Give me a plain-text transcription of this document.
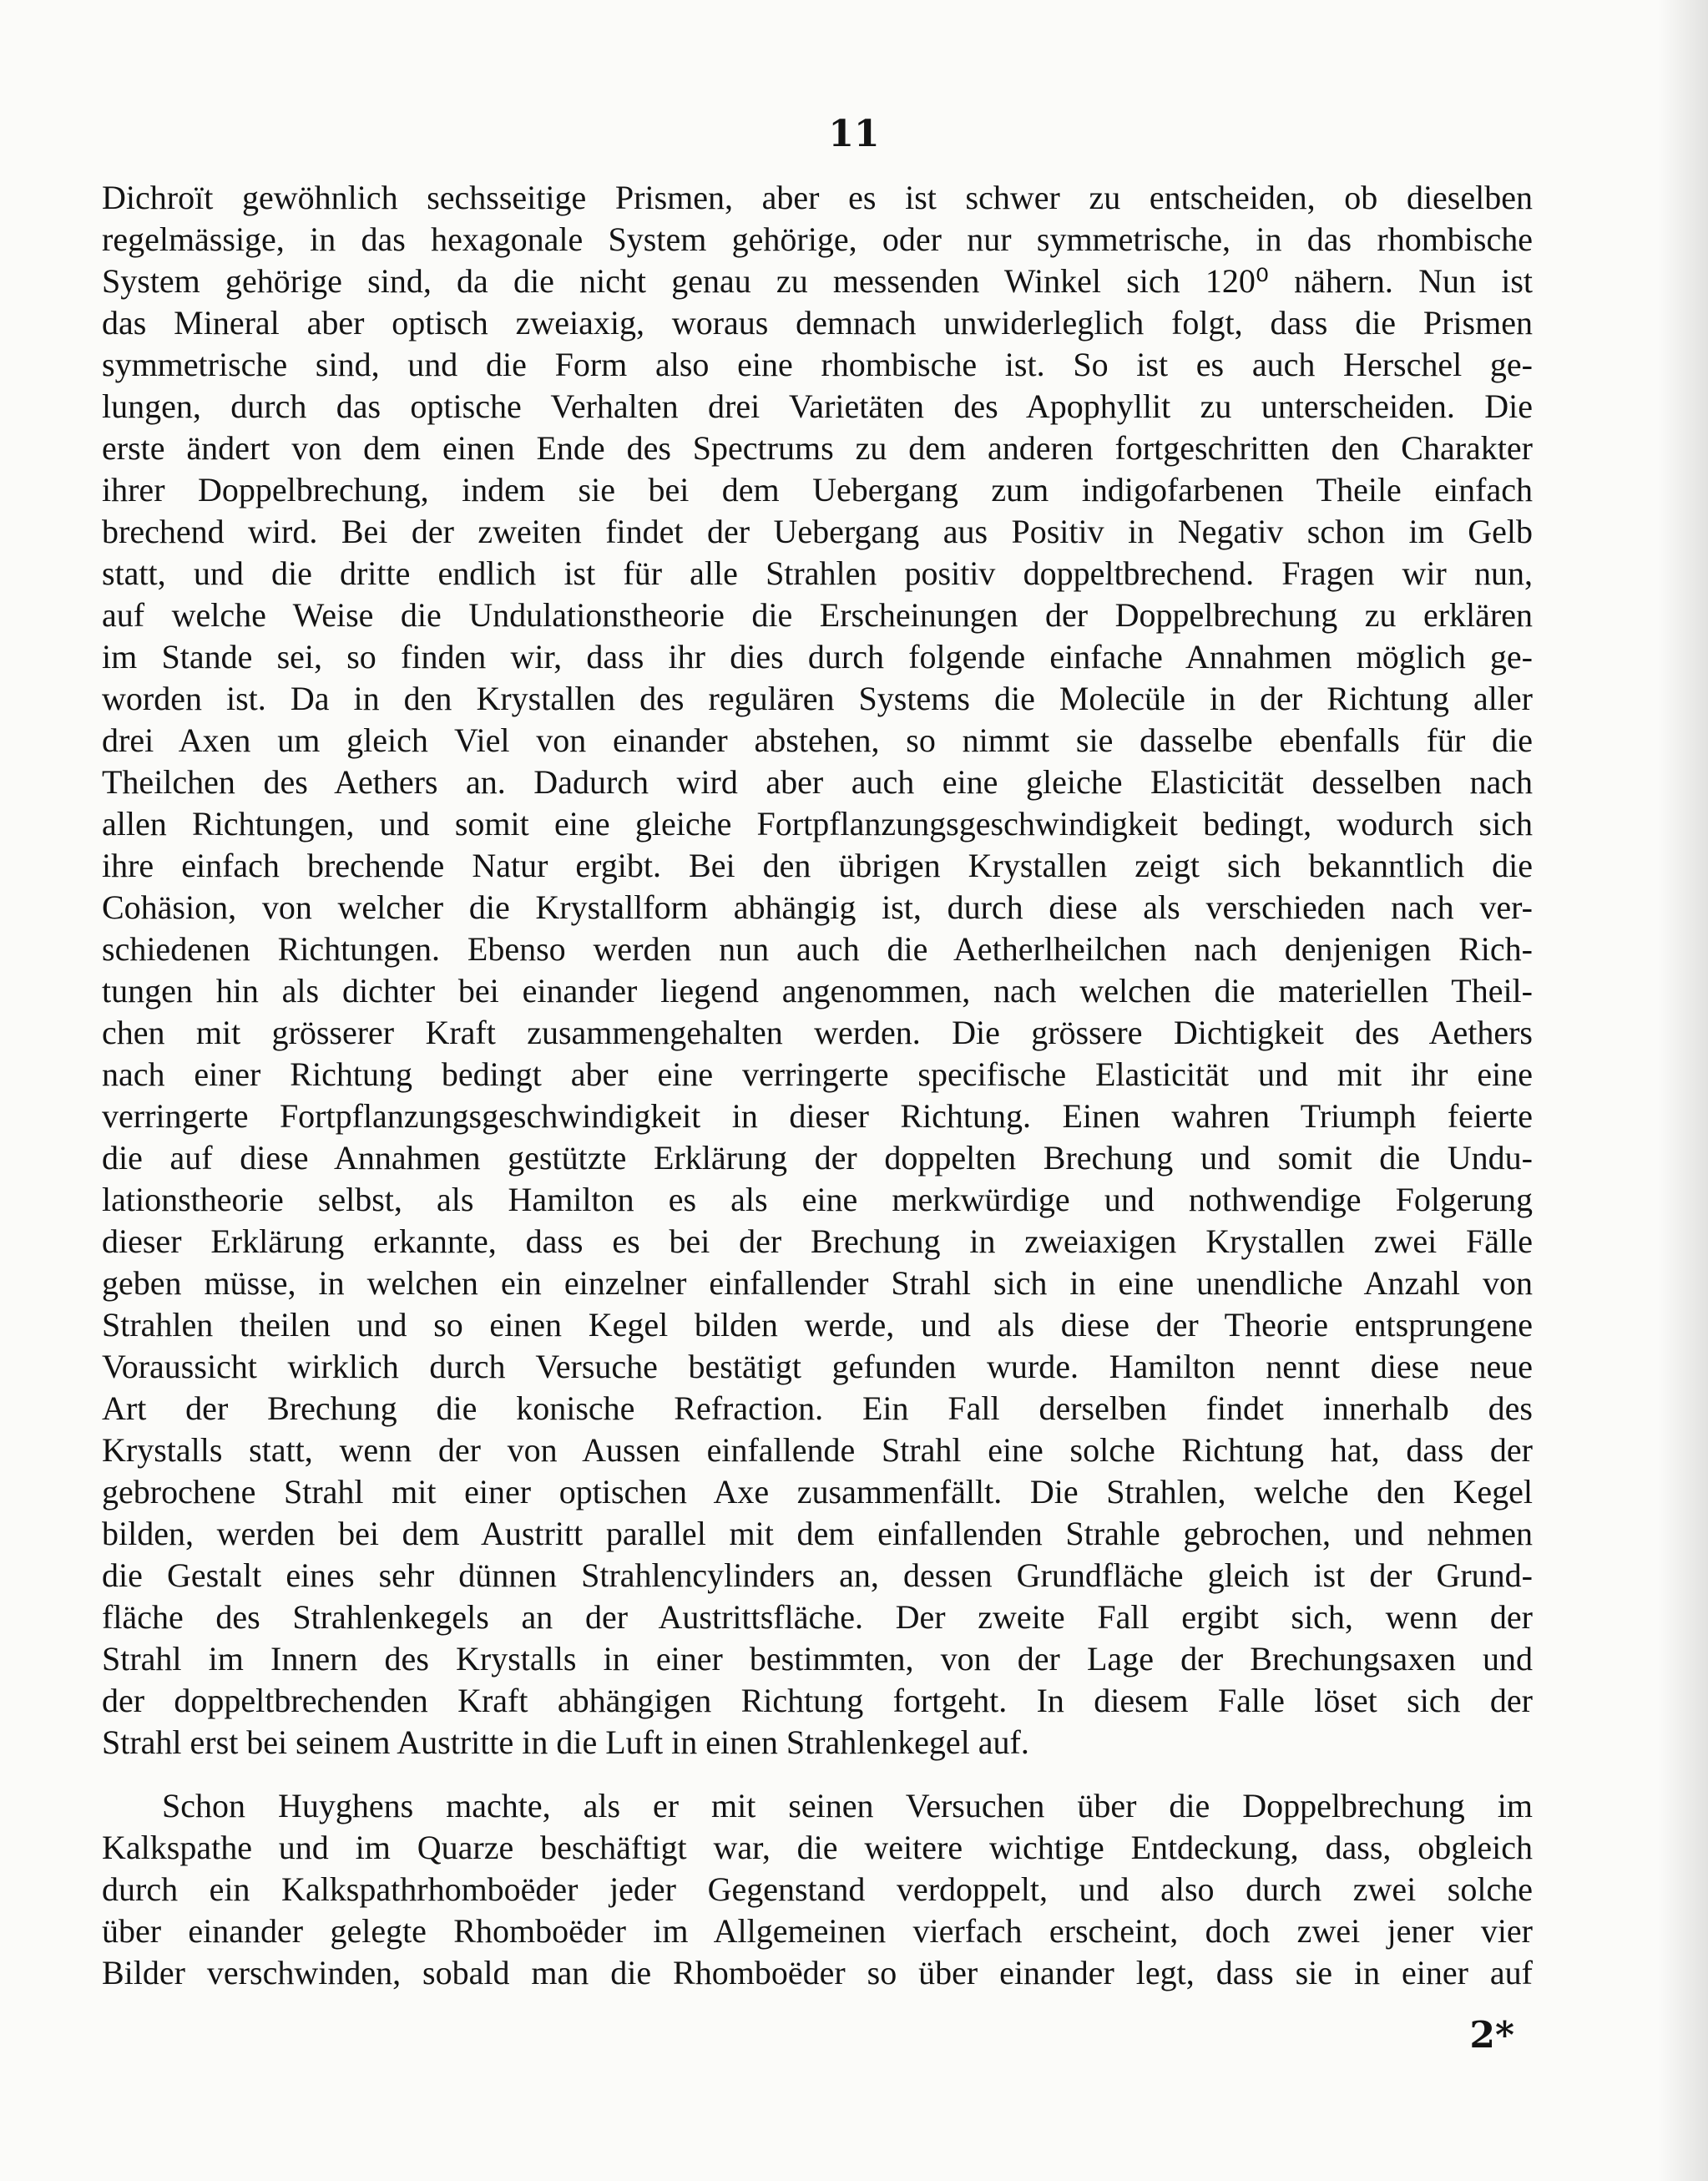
11
Dichroït gewöhnlich sechsseitige Prismen, aber es ist schwer zu entscheiden, ob dieselben
regelmässige, in das hexagonale System gehörige, oder nur symmetrische, in das rhombische
System gehörige sind, da die nicht genau zu messenden Winkel sich 120⁰ nähern. Nun ist
das Mineral aber optisch zweiaxig, woraus demnach unwiderleglich folgt, dass die Prismen
symmetrische sind, und die Form also eine rhombische ist. So ist es auch Herschel ge-
lungen, durch das optische Verhalten drei Varietäten des Apophyllit zu unterscheiden. Die
erste ändert von dem einen Ende des Spectrums zu dem anderen fortgeschritten den Charakter
ihrer Doppelbrechung, indem sie bei dem Uebergang zum indigofarbenen Theile einfach
brechend wird. Bei der zweiten findet der Uebergang aus Positiv in Negativ schon im Gelb
statt, und die dritte endlich ist für alle Strahlen positiv doppeltbrechend. Fragen wir nun,
auf welche Weise die Undulationstheorie die Erscheinungen der Doppelbrechung zu erklären
im Stande sei, so finden wir, dass ihr dies durch folgende einfache Annahmen möglich ge-
worden ist. Da in den Krystallen des regulären Systems die Molecüle in der Richtung aller
drei Axen um gleich Viel von einander abstehen, so nimmt sie dasselbe ebenfalls für die
Theilchen des Aethers an. Dadurch wird aber auch eine gleiche Elasticität desselben nach
allen Richtungen, und somit eine gleiche Fortpflanzungsgeschwindigkeit bedingt, wodurch sich
ihre einfach brechende Natur ergibt. Bei den übrigen Krystallen zeigt sich bekanntlich die
Cohäsion, von welcher die Krystallform abhängig ist, durch diese als verschieden nach ver-
schiedenen Richtungen. Ebenso werden nun auch die Aetherlheilchen nach denjenigen Rich-
tungen hin als dichter bei einander liegend angenommen, nach welchen die materiellen Theil-
chen mit grösserer Kraft zusammengehalten werden. Die grössere Dichtigkeit des Aethers
nach einer Richtung bedingt aber eine verringerte specifische Elasticität und mit ihr eine
verringerte Fortpflanzungsgeschwindigkeit in dieser Richtung. Einen wahren Triumph feierte
die auf diese Annahmen gestützte Erklärung der doppelten Brechung und somit die Undu-
lationstheorie selbst, als Hamilton es als eine merkwürdige und nothwendige Folgerung
dieser Erklärung erkannte, dass es bei der Brechung in zweiaxigen Krystallen zwei Fälle
geben müsse, in welchen ein einzelner einfallender Strahl sich in eine unendliche Anzahl von
Strahlen theilen und so einen Kegel bilden werde, und als diese der Theorie entsprungene
Voraussicht wirklich durch Versuche bestätigt gefunden wurde. Hamilton nennt diese neue
Art der Brechung die konische Refraction. Ein Fall derselben findet innerhalb des
Krystalls statt, wenn der von Aussen einfallende Strahl eine solche Richtung hat, dass der
gebrochene Strahl mit einer optischen Axe zusammenfällt. Die Strahlen, welche den Kegel
bilden, werden bei dem Austritt parallel mit dem einfallenden Strahle gebrochen, und nehmen
die Gestalt eines sehr dünnen Strahlencylinders an, dessen Grundfläche gleich ist der Grund-
fläche des Strahlenkegels an der Austrittsfläche. Der zweite Fall ergibt sich, wenn der
Strahl im Innern des Krystalls in einer bestimmten, von der Lage der Brechungsaxen und
der doppeltbrechenden Kraft abhängigen Richtung fortgeht. In diesem Falle löset sich der
Strahl erst bei seinem Austritte in die Luft in einen Strahlenkegel auf.
Schon Huyghens machte, als er mit seinen Versuchen über die Doppelbrechung im
Kalkspathe und im Quarze beschäftigt war, die weitere wichtige Entdeckung, dass, obgleich
durch ein Kalkspathrhomboëder jeder Gegenstand verdoppelt, und also durch zwei solche
über einander gelegte Rhomboëder im Allgemeinen vierfach erscheint, doch zwei jener vier
Bilder verschwinden, sobald man die Rhomboëder so über einander legt, dass sie in einer auf
2*
